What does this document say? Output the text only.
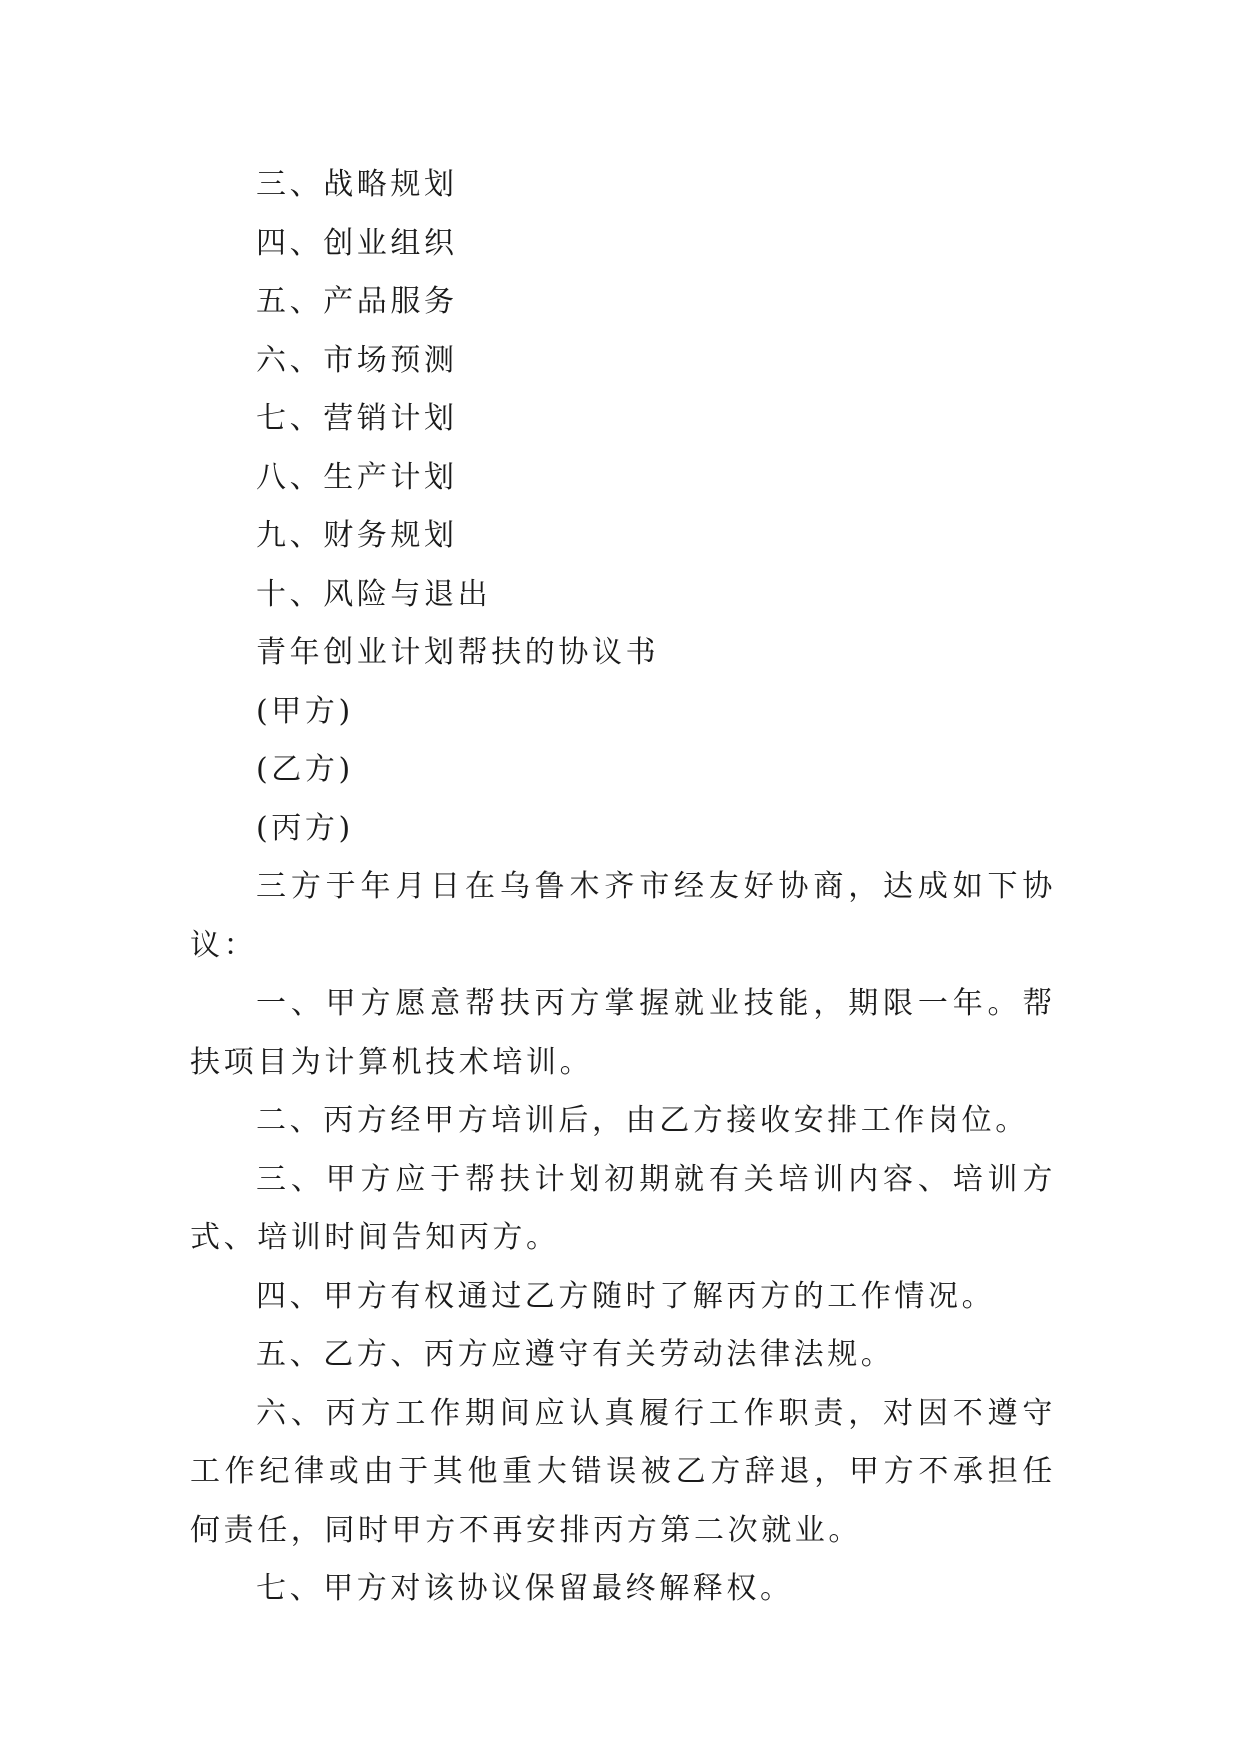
三、战略规划
四、创业组织
五、产品服务
六、市场预测
七、营销计划
八、生产计划
九、财务规划
十、风险与退出
青年创业计划帮扶的协议书
(甲方)
(乙方)
(丙方)

三方于年月日在乌鲁木齐市经友好协商，达成如下协议：

一、甲方愿意帮扶丙方掌握就业技能，期限一年。帮扶项目为计算机技术培训。

二、丙方经甲方培训后，由乙方接收安排工作岗位。

三、甲方应于帮扶计划初期就有关培训内容、培训方式、培训时间告知丙方。

四、甲方有权通过乙方随时了解丙方的工作情况。

五、乙方、丙方应遵守有关劳动法律法规。

六、丙方工作期间应认真履行工作职责，对因不遵守工作纪律或由于其他重大错误被乙方辞退，甲方不承担任何责任，同时甲方不再安排丙方第二次就业。

七、甲方对该协议保留最终解释权。
